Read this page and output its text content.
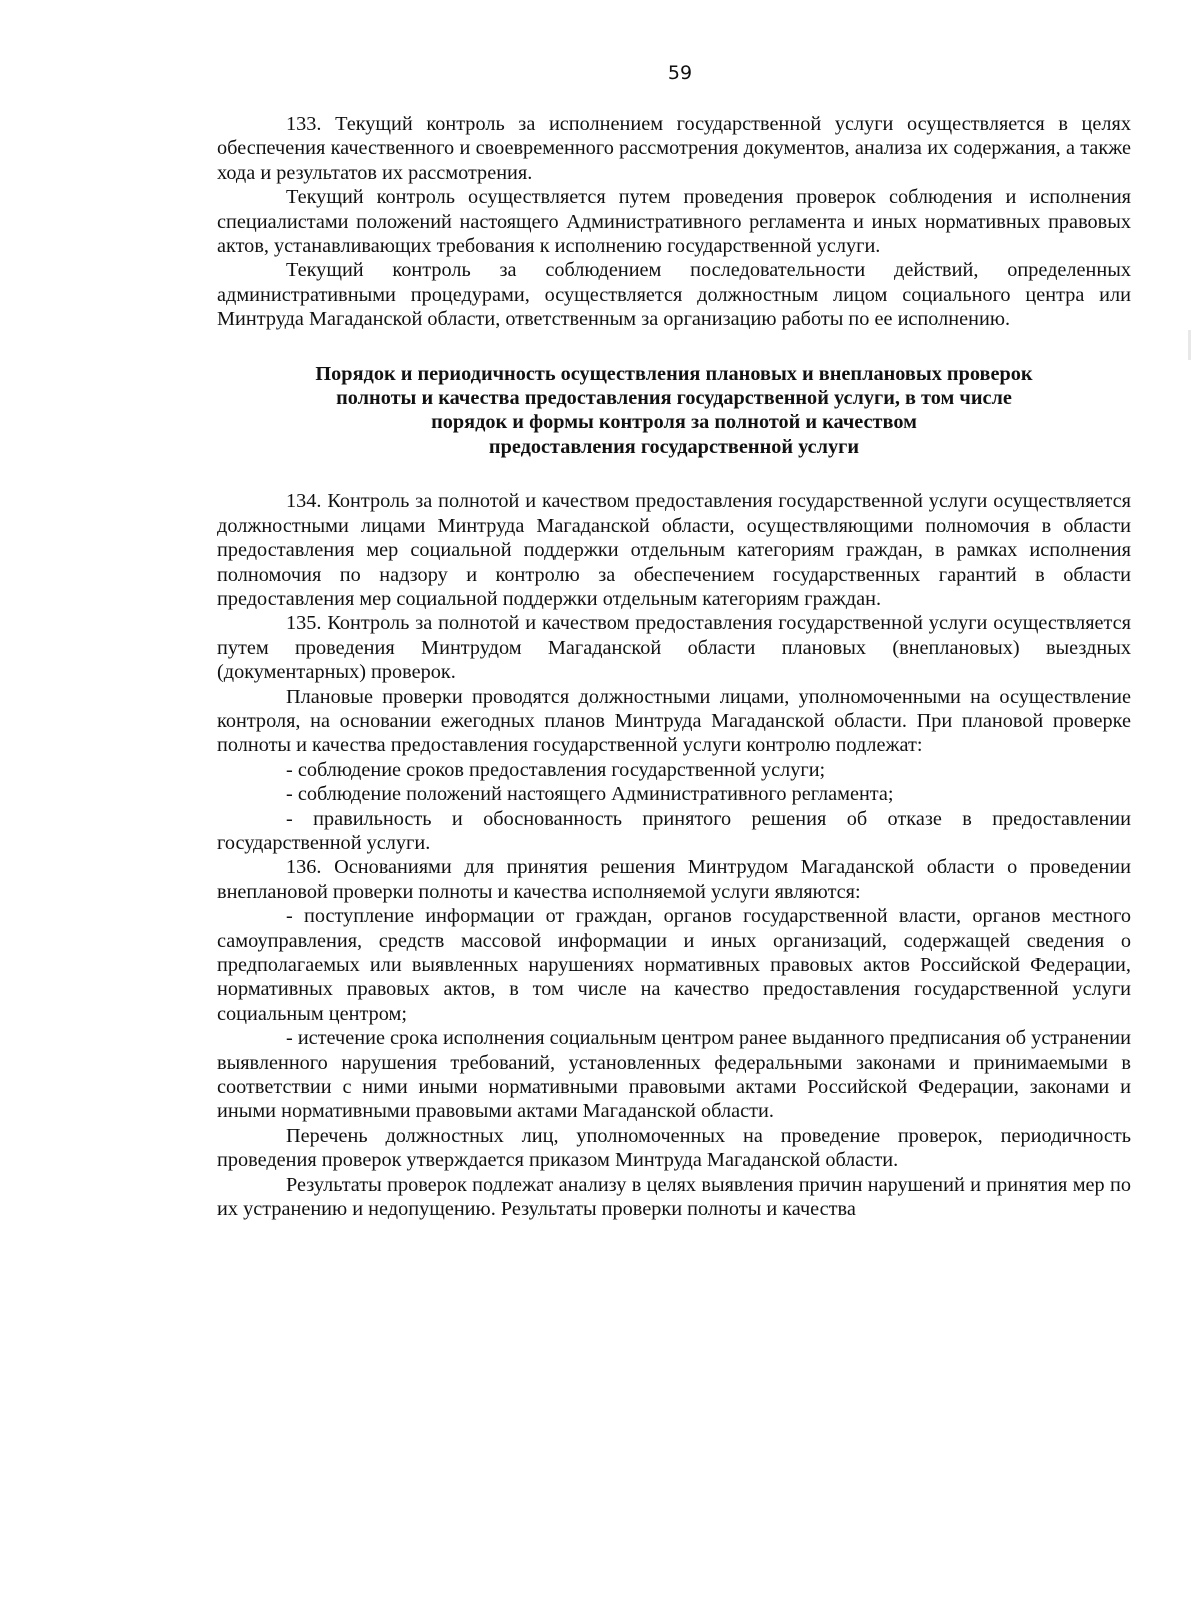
59

133. Текущий контроль за исполнением государственной услуги осуществляется в целях обеспечения качественного и своевременного рассмотрения документов, анализа их содержания, а также хода и результатов их рассмотрения.

Текущий контроль осуществляется путем проведения проверок соблюдения и исполнения специалистами положений настоящего Административного регламента и иных нормативных правовых актов, устанавливающих требования к исполнению государственной услуги.

Текущий контроль за соблюдением последовательности действий, определенных административными процедурами, осуществляется должностным лицом социального центра или Минтруда Магаданской области, ответственным за организацию работы по ее исполнению.

Порядок и периодичность осуществления плановых и внеплановых проверок
полноты и качества предоставления государственной услуги, в том числе
порядок и формы контроля за полнотой и качеством
предоставления государственной услуги

134. Контроль за полнотой и качеством предоставления государственной услуги осуществляется должностными лицами Минтруда Магаданской области, осуществляющими полномочия в области предоставления мер социальной поддержки отдельным категориям граждан, в рамках исполнения полномочия по надзору и контролю за обеспечением государственных гарантий в области предоставления мер социальной поддержки отдельным категориям граждан.

135. Контроль за полнотой и качеством предоставления государственной услуги осуществляется путем проведения Минтрудом Магаданской области плановых (внеплановых) выездных (документарных) проверок.

Плановые проверки проводятся должностными лицами, уполномоченными на осуществление контроля, на основании ежегодных планов Минтруда Магаданской области. При плановой проверке полноты и качества предоставления государственной услуги контролю подлежат:

- соблюдение сроков предоставления государственной услуги;

- соблюдение положений настоящего Административного регламента;

- правильность и обоснованность принятого решения об отказе в предоставлении государственной услуги.

136. Основаниями для принятия решения Минтрудом Магаданской области о проведении внеплановой проверки полноты и качества исполняемой услуги являются:

- поступление информации от граждан, органов государственной власти, органов местного самоуправления, средств массовой информации и иных организаций, содержащей сведения о предполагаемых или выявленных нарушениях нормативных правовых актов Российской Федерации, нормативных правовых актов, в том числе на качество предоставления государственной услуги социальным центром;

- истечение срока исполнения социальным центром ранее выданного предписания об устранении выявленного нарушения требований, установленных федеральными законами и принимаемыми в соответствии с ними иными нормативными правовыми актами Российской Федерации, законами и иными нормативными правовыми актами Магаданской области.

Перечень должностных лиц, уполномоченных на проведение проверок, периодичность проведения проверок утверждается приказом Минтруда Магаданской области.

Результаты проверок подлежат анализу в целях выявления причин нарушений и принятия мер по их устранению и недопущению. Результаты проверки полноты и качества
